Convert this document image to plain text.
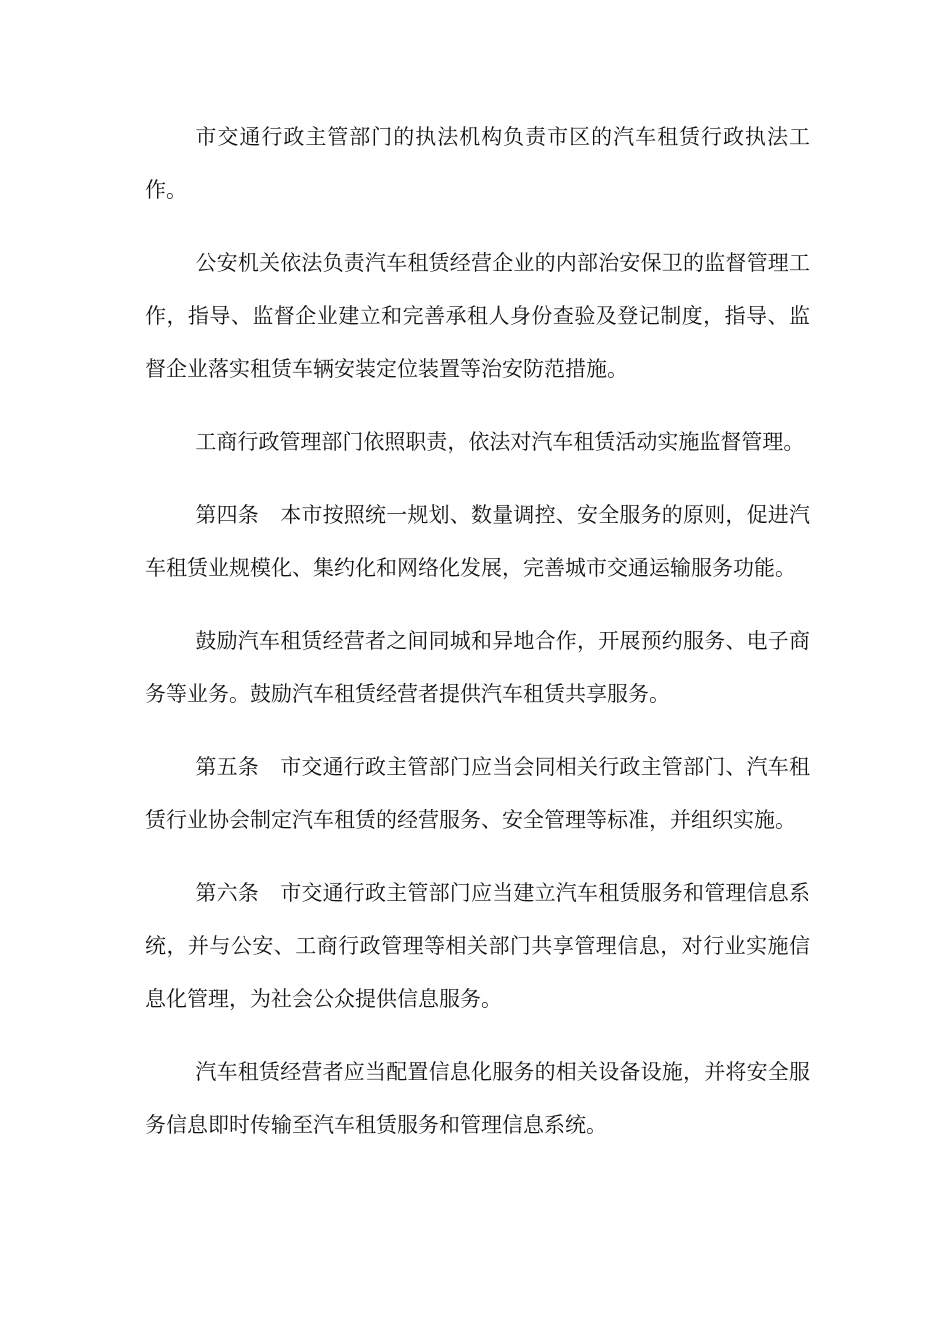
市交通行政主管部门的执法机构负责市区的汽车租赁行政执法工作。

公安机关依法负责汽车租赁经营企业的内部治安保卫的监督管理工作，指导、监督企业建立和完善承租人身份查验及登记制度，指导、监督企业落实租赁车辆安装定位装置等治安防范措施。

工商行政管理部门依照职责，依法对汽车租赁活动实施监督管理。

第四条　本市按照统一规划、数量调控、安全服务的原则，促进汽车租赁业规模化、集约化和网络化发展，完善城市交通运输服务功能。

鼓励汽车租赁经营者之间同城和异地合作，开展预约服务、电子商务等业务。鼓励汽车租赁经营者提供汽车租赁共享服务。

第五条　市交通行政主管部门应当会同相关行政主管部门、汽车租赁行业协会制定汽车租赁的经营服务、安全管理等标准，并组织实施。

第六条　市交通行政主管部门应当建立汽车租赁服务和管理信息系统，并与公安、工商行政管理等相关部门共享管理信息，对行业实施信息化管理，为社会公众提供信息服务。

汽车租赁经营者应当配置信息化服务的相关设备设施，并将安全服务信息即时传输至汽车租赁服务和管理信息系统。
